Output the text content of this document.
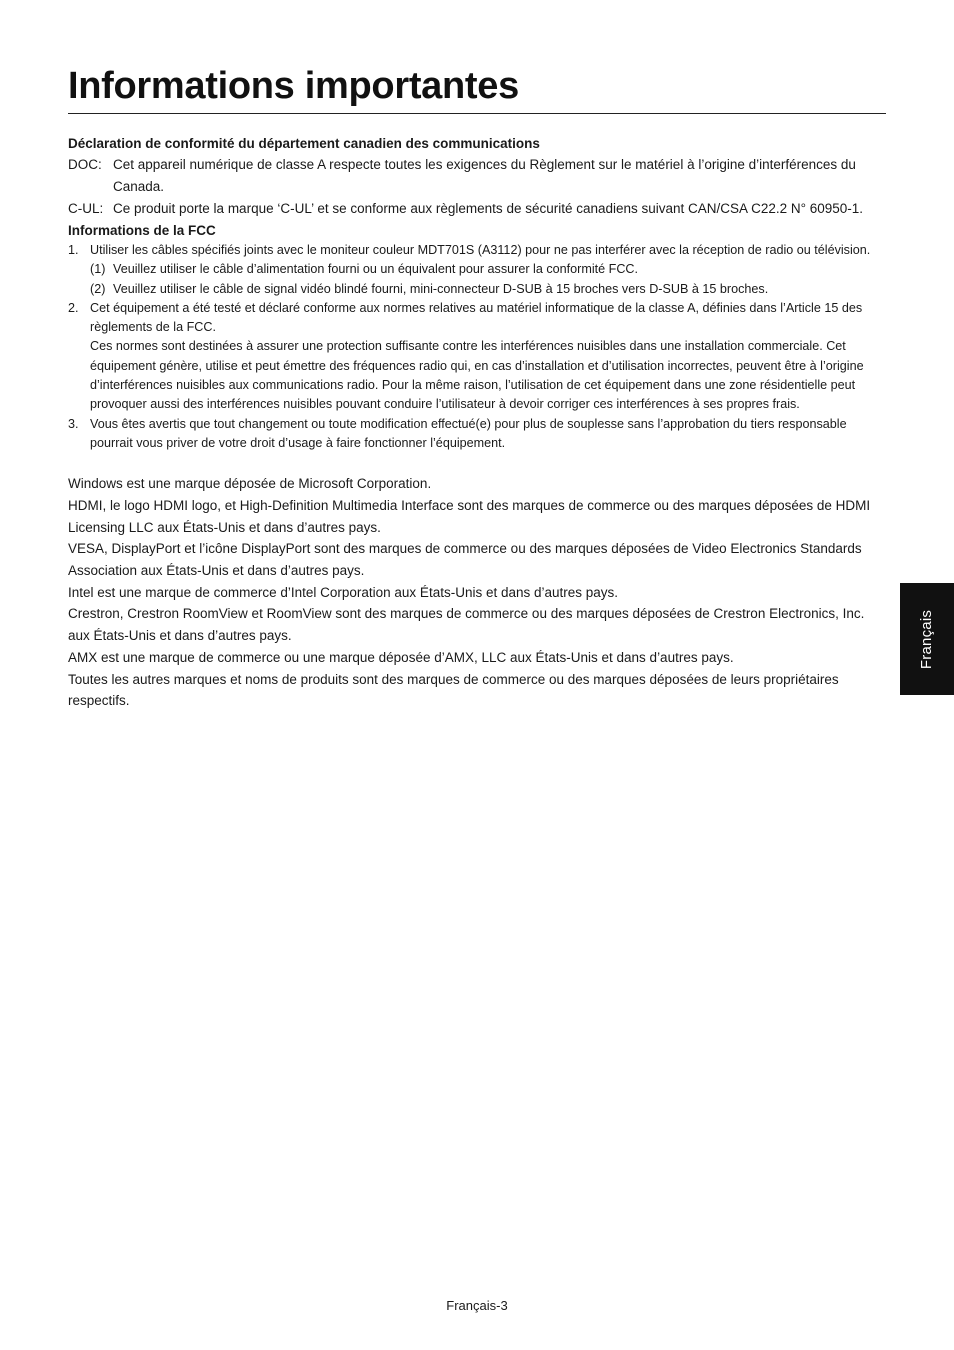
Informations importantes
Déclaration de conformité du département canadien des communications
DOC: Cet appareil numérique de classe A respecte toutes les exigences du Règlement sur le matériel à l’origine d’interférences du Canada.
C-UL: Ce produit porte la marque ‘C-UL’ et se conforme aux règlements de sécurité canadiens suivant CAN/CSA C22.2 N° 60950-1.
Informations de la FCC
1. Utiliser les câbles spécifiés joints avec le moniteur couleur MDT701S (A3112) pour ne pas interférer avec la réception de radio ou télévision.
(1) Veuillez utiliser le câble d’alimentation fourni ou un équivalent pour assurer la conformité FCC.
(2) Veuillez utiliser le câble de signal vidéo blindé fourni, mini-connecteur D-SUB à 15 broches vers D-SUB à 15 broches.
2. Cet équipement a été testé et déclaré conforme aux normes relatives au matériel informatique de la classe A, définies dans l’Article 15 des règlements de la FCC.
Ces normes sont destinées à assurer une protection suffisante contre les interférences nuisibles dans une installation commerciale. Cet équipement génère, utilise et peut émettre des fréquences radio qui, en cas d’installation et d’utilisation incorrectes, peuvent être à l’origine d’interférences nuisibles aux communications radio. Pour la même raison, l’utilisation de cet équipement dans une zone résidentielle peut provoquer aussi des interférences nuisibles pouvant conduire l’utilisateur à devoir corriger ces interférences à ses propres frais.
3. Vous êtes avertis que tout changement ou toute modification effectué(e) pour plus de souplesse sans l’approbation du tiers responsable pourrait vous priver de votre droit d’usage à faire fonctionner l’équipement.

Windows est une marque déposée de Microsoft Corporation.

HDMI, le logo HDMI logo, et High-Definition Multimedia Interface sont des marques de commerce ou des marques déposées de HDMI Licensing LLC aux États-Unis et dans d’autres pays.

VESA, DisplayPort et l’icône DisplayPort sont des marques de commerce ou des marques déposées de Video Electronics Standards Association aux États-Unis et dans d’autres pays.

Intel est une marque de commerce d’Intel Corporation aux États-Unis et dans d’autres pays.

Crestron, Crestron RoomView et RoomView sont des marques de commerce ou des marques déposées de Crestron Electronics, Inc. aux États-Unis et dans d’autres pays.

AMX est une marque de commerce ou une marque déposée d’AMX, LLC aux États-Unis et dans d’autres pays.

Toutes les autres marques et noms de produits sont des marques de commerce ou des marques déposées de leurs propriétaires respectifs.

Français
Français-3
